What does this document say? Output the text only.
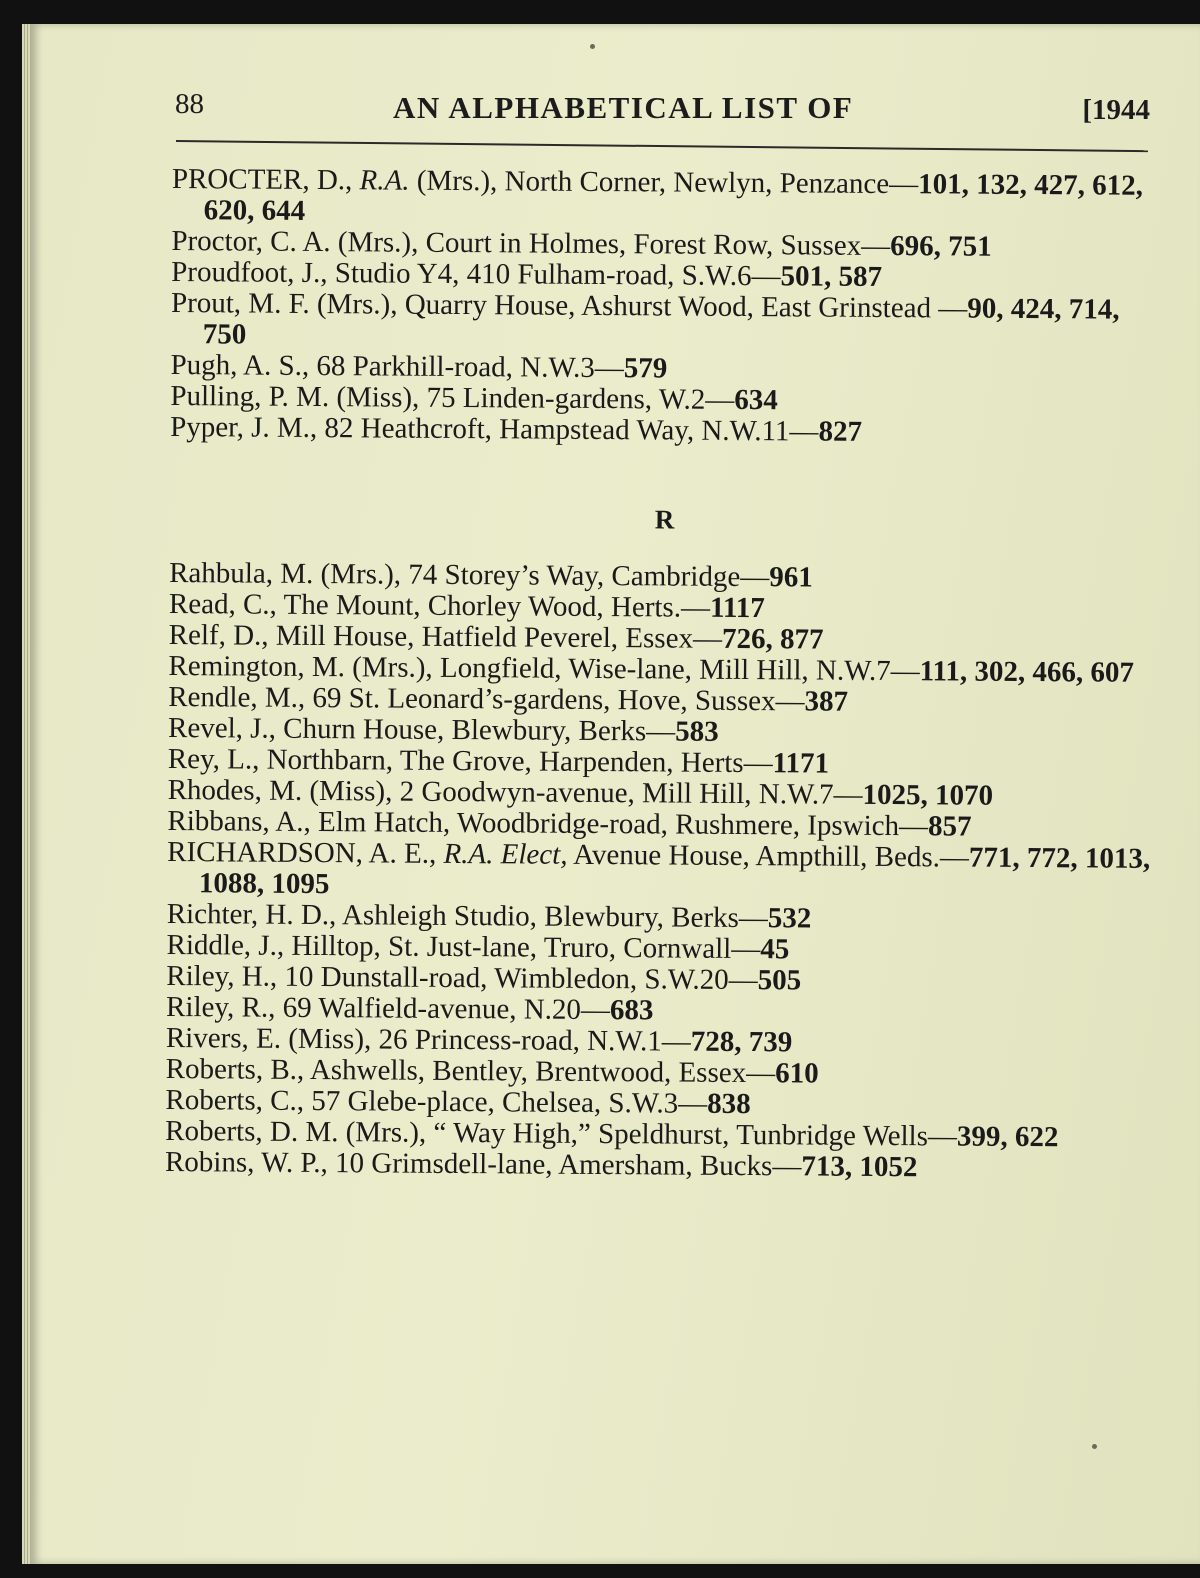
88	AN ALPHABETICAL LIST OF	[1944

PROCTER, D., R.A. (Mrs.), North Corner, Newlyn, Penzance—101, 132, 427, 612, 620, 644

Proctor, C. A. (Mrs.), Court in Holmes, Forest Row, Sussex—696, 751

Proudfoot, J., Studio Y4, 410 Fulham-road, S.W.6—501, 587

Prout, M. F. (Mrs.), Quarry House, Ashurst Wood, East Grinstead —90, 424, 714, 750

Pugh, A. S., 68 Parkhill-road, N.W.3—579

Pulling, P. M. (Miss), 75 Linden-gardens, W.2—634

Pyper, J. M., 82 Heathcroft, Hampstead Way, N.W.11—827

R

Rahbula, M. (Mrs.), 74 Storey’s Way, Cambridge—961

Read, C., The Mount, Chorley Wood, Herts.—1117

Relf, D., Mill House, Hatfield Peverel, Essex—726, 877

Remington, M. (Mrs.), Longfield, Wise-lane, Mill Hill, N.W.7—111, 302, 466, 607

Rendle, M., 69 St. Leonard’s-gardens, Hove, Sussex—387

Revel, J., Churn House, Blewbury, Berks—583

Rey, L., Northbarn, The Grove, Harpenden, Herts—1171

Rhodes, M. (Miss), 2 Goodwyn-avenue, Mill Hill, N.W.7—1025, 1070

Ribbans, A., Elm Hatch, Woodbridge-road, Rushmere, Ipswich—857

RICHARDSON, A. E., R.A. Elect, Avenue House, Ampthill, Beds.—771, 772, 1013, 1088, 1095

Richter, H. D., Ashleigh Studio, Blewbury, Berks—532

Riddle, J., Hilltop, St. Just-lane, Truro, Cornwall—45

Riley, H., 10 Dunstall-road, Wimbledon, S.W.20—505

Riley, R., 69 Walfield-avenue, N.20—683

Rivers, E. (Miss), 26 Princess-road, N.W.1—728, 739

Roberts, B., Ashwells, Bentley, Brentwood, Essex—610

Roberts, C., 57 Glebe-place, Chelsea, S.W.3—838

Roberts, D. M. (Mrs.), “ Way High,” Speldhurst, Tunbridge Wells—399, 622

Robins, W. P., 10 Grimsdell-lane, Amersham, Bucks—713, 1052
